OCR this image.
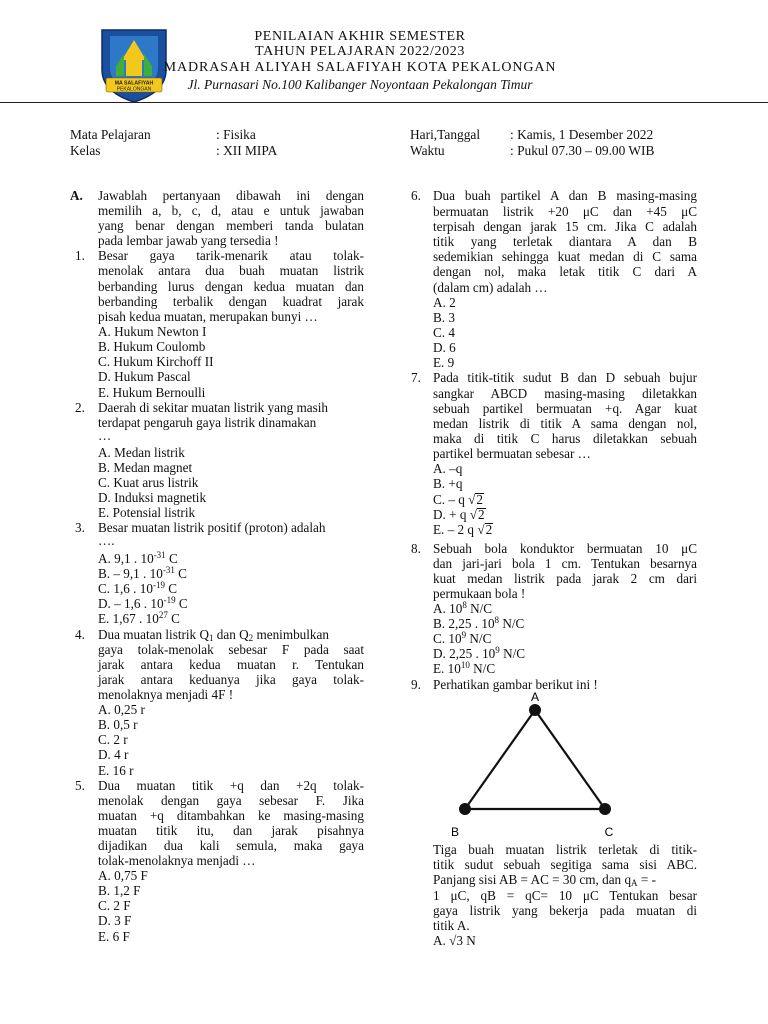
MA SALAFIYAH
PEKALONGAN
PENILAIAN AKHIR SEMESTER
TAHUN PELAJARAN 2022/2023
MADRASAH ALIYAH SALAFIYAH KOTA PEKALONGAN
Jl. Purnasari No.100 Kalibanger Noyontaan Pekalongan Timur
Mata Pelajaran	: Fisika
Kelas	: XII MIPA
Hari,Tanggal : Kamis, 1 Desember 2022
Waktu	: Pukul 07.30 – 09.00 WIB
A. Jawablah pertanyaan dibawah ini dengan
memilih a, b, c, d, atau e untuk jawaban
yang benar dengan memberi tanda bulatan
pada lembar jawab yang tersedia !
1. Besar gaya tarik-menarik atau tolak-
menolak antara dua buah muatan listrik
berbanding lurus dengan kedua muatan dan
berbanding terbalik dengan kuadrat jarak
pisah kedua muatan, merupakan bunyi …
A. Hukum Newton I
B. Hukum Coulomb
C. Hukum Kirchoff II
D. Hukum Pascal
E. Hukum Bernoulli
2. Daerah di sekitar muatan listrik yang masih
terdapat pengaruh gaya listrik dinamakan
…
A. Medan listrik
B. Medan magnet
C. Kuat arus listrik
D. Induksi magnetik
E. Potensial listrik
3. Besar muatan listrik positif (proton) adalah
….
A. 9,1 . $10^{-31}$ C
B. – 9,1 . $10^{-31}$ C
C. 1,6 . $10^{-19}$ C
D. – 1,6 . $10^{-19}$ C
E. 1,67 . $10^{27}$ C
4. Dua muatan listrik $Q_1$ dan $Q_2$ menimbulkan
gaya tolak-menolak sebesar F pada saat
jarak antara kedua muatan r. Tentukan
jarak antara keduanya jika gaya tolak-
menolaknya menjadi 4F !
A. 0,25 r
B. 0,5 r
C. 2 r
D. 4 r
E. 16 r
5. Dua muatan titik +q dan +2q tolak-
menolak dengan gaya sebesar F. Jika
muatan +q ditambahkan ke masing-masing
muatan titik itu, dan jarak pisahnya
dijadikan dua kali semula, maka gaya
tolak-menolaknya menjadi …
A. 0,75 F
B. 1,2 F
C. 2 F
D. 3 F
E. 6 F
6. Dua buah partikel A dan B masing-masing
bermuatan listrik +20 μC dan +45 μC
terpisah dengan jarak 15 cm. Jika C adalah
titik yang terletak diantara A dan B
sedemikian sehingga kuat medan di C sama
dengan nol, maka letak titik C dari A
(dalam cm) adalah …
A. 2
B. 3
C. 4
D. 6
E. 9
7. Pada titik-titik sudut B dan D sebuah bujur
sangkar ABCD masing-masing diletakkan
sebuah partikel bermuatan +q. Agar kuat
medan listrik di titik A sama dengan nol,
maka di titik C harus diletakkan sebuah
partikel bermuatan sebesar …
A. –q
B. +q
C. – q √2
D. + q √2
E. – 2 q √2
8. Sebuah bola konduktor bermuatan 10 μC
dan jari-jari bola 1 cm. Tentukan besarnya
kuat medan listrik pada jarak 2 cm dari
permukaan bola !
A. $10^8$ N/C
B. 2,25 . $10^8$ N/C
C. $10^9$ N/C
D. 2,25 . $10^9$ N/C
E. $10^{10}$ N/C
9. Perhatikan gambar berikut ini !
A
B	C
Tiga buah muatan listrik terletak di titik-
titik sudut sebuah segitiga sama sisi ABC.
Panjang sisi AB = AC = 30 cm, dan $q_A$ = -
1 μC, qB = qC= 10 μC Tentukan besar
gaya listrik yang bekerja pada muatan di
titik A.
A. √3 N
